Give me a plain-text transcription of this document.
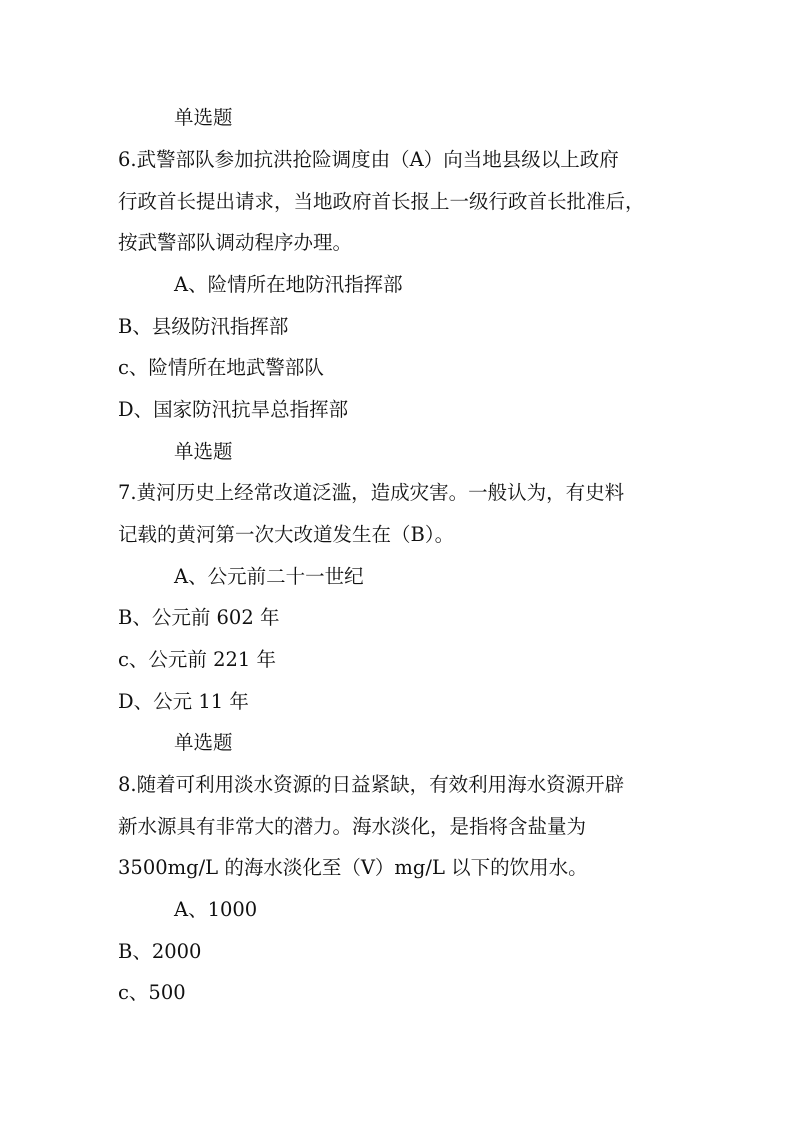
单选题
6.武警部队参加抗洪抢险调度由（A）向当地县级以上政府
行政首长提出请求，当地政府首长报上一级行政首长批准后，
按武警部队调动程序办理。
A、险情所在地防汛指挥部
B、县级防汛指挥部
c、险情所在地武警部队
D、国家防汛抗旱总指挥部
单选题
7.黄河历史上经常改道泛滥，造成灾害。一般认为，有史料
记载的黄河第一次大改道发生在（B）。
A、公元前二十一世纪
B、公元前 602 年
c、公元前 221 年
D、公元 11 年
单选题
8.随着可利用淡水资源的日益紧缺，有效利用海水资源开辟
新水源具有非常大的潜力。海水淡化，是指将含盐量为
3500mg/L 的海水淡化至（V）mg/L 以下的饮用水。
A、1000
B、2000
c、500
